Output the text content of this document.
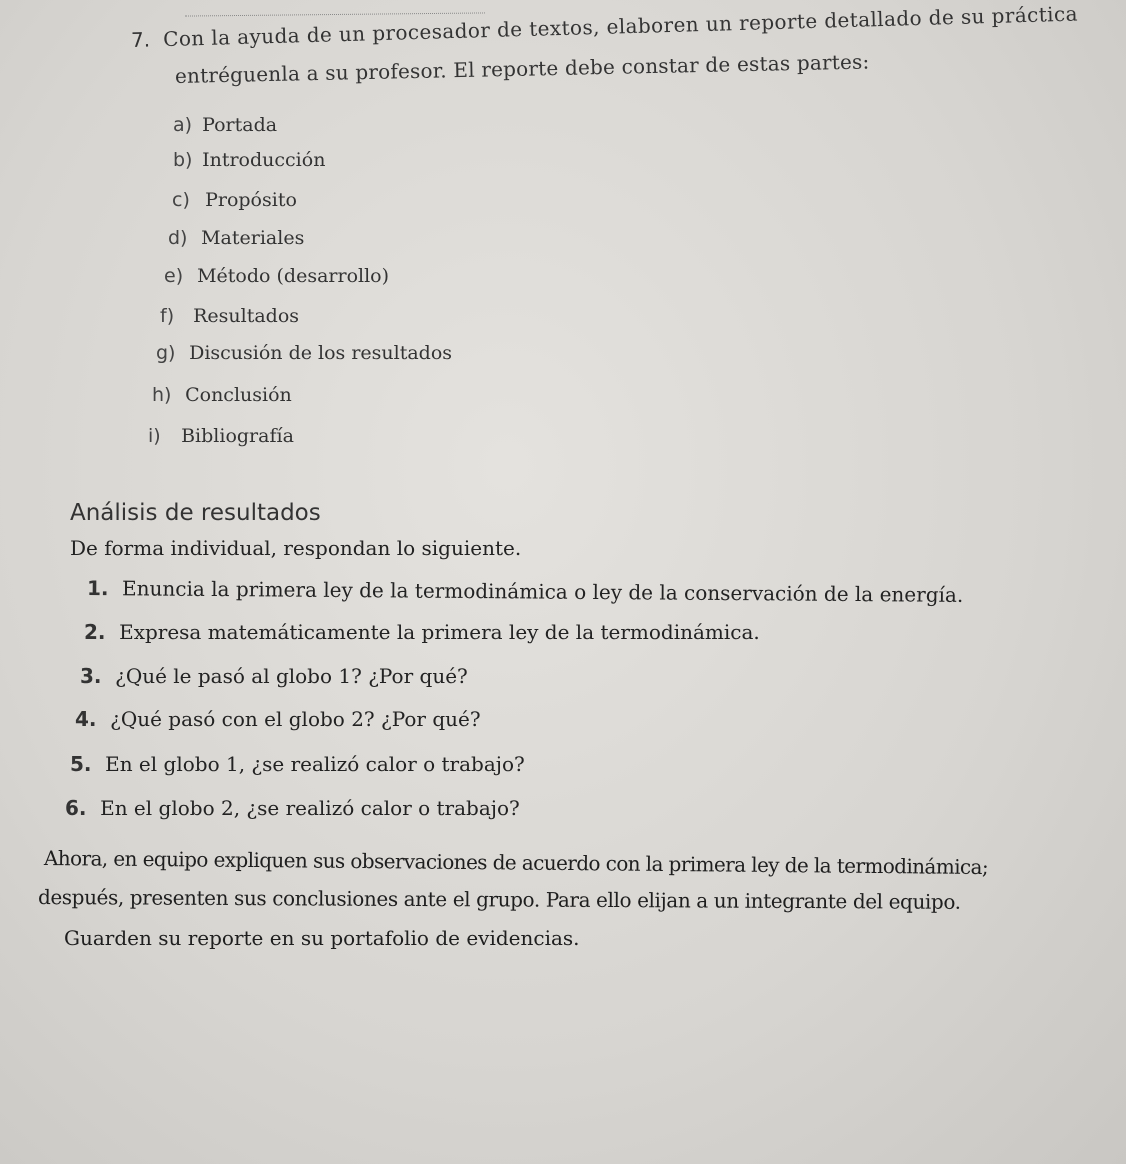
7. Con la ayuda de un procesador de textos, elaboren un reporte detallado de su práctica
entréguenla a su profesor. El reporte debe constar de estas partes:
a) Portada
b) Introducción
c) Propósito
d) Materiales
e) Método (desarrollo)
f) Resultados
g) Discusión de los resultados
h) Conclusión
i) Bibliografía
Análisis de resultados
De forma individual, respondan lo siguiente.
1. Enuncia la primera ley de la termodinámica o ley de la conservación de la energía.
2. Expresa matemáticamente la primera ley de la termodinámica.
3. ¿Qué le pasó al globo 1? ¿Por qué?
4. ¿Qué pasó con el globo 2? ¿Por qué?
5. En el globo 1, ¿se realizó calor o trabajo?
6. En el globo 2, ¿se realizó calor o trabajo?
Ahora, en equipo expliquen sus observaciones de acuerdo con la primera ley de la termodinámica;
después, presenten sus conclusiones ante el grupo. Para ello elijan a un integrante del equipo.
Guarden su reporte en su portafolio de evidencias.
